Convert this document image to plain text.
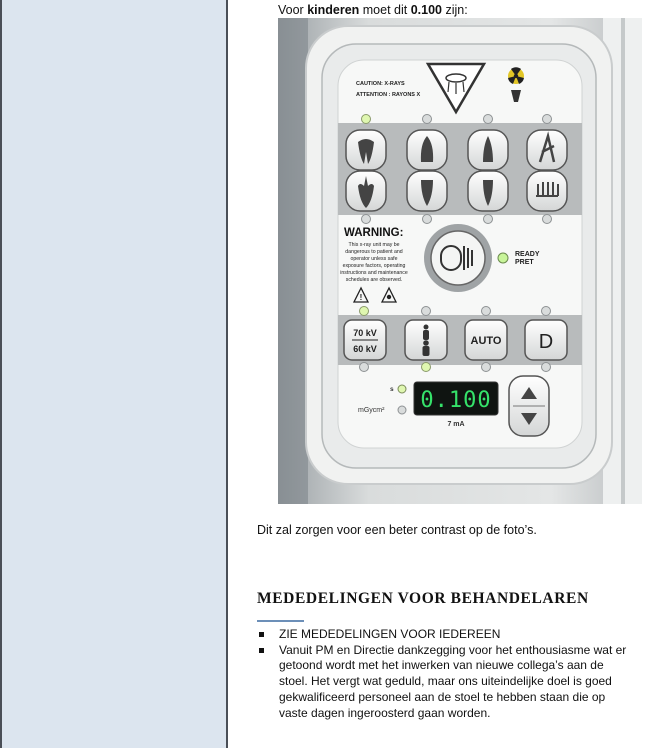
Voor kinderen moet dit 0.100 zijn:
CAUTION: X-RAYS
ATTENTION : RAYONS X
WARNING:
This x-ray unit may be
dangerous to patient and
operator unless safe
exposure factors, operating
instructions and maintenance
schedules are observed.
!
READY
PRET
70 kV
60 kV
AUTO D
s
mGycm² 0.100
7 mA
Dit zal zorgen voor een beter contrast op de foto’s.
MEDEDELINGEN VOOR BEHANDELAREN
ZIE MEDEDELINGEN VOOR IEDEREEN
Vanuit PM en Directie dankzegging voor het enthousiasme wat er getoond wordt met het inwerken van nieuwe collega’s aan de stoel. Het vergt wat geduld, maar ons uiteindelijke doel is goed gekwalificeerd personeel aan de stoel te hebben staan die op vaste dagen ingeroosterd gaan worden.
